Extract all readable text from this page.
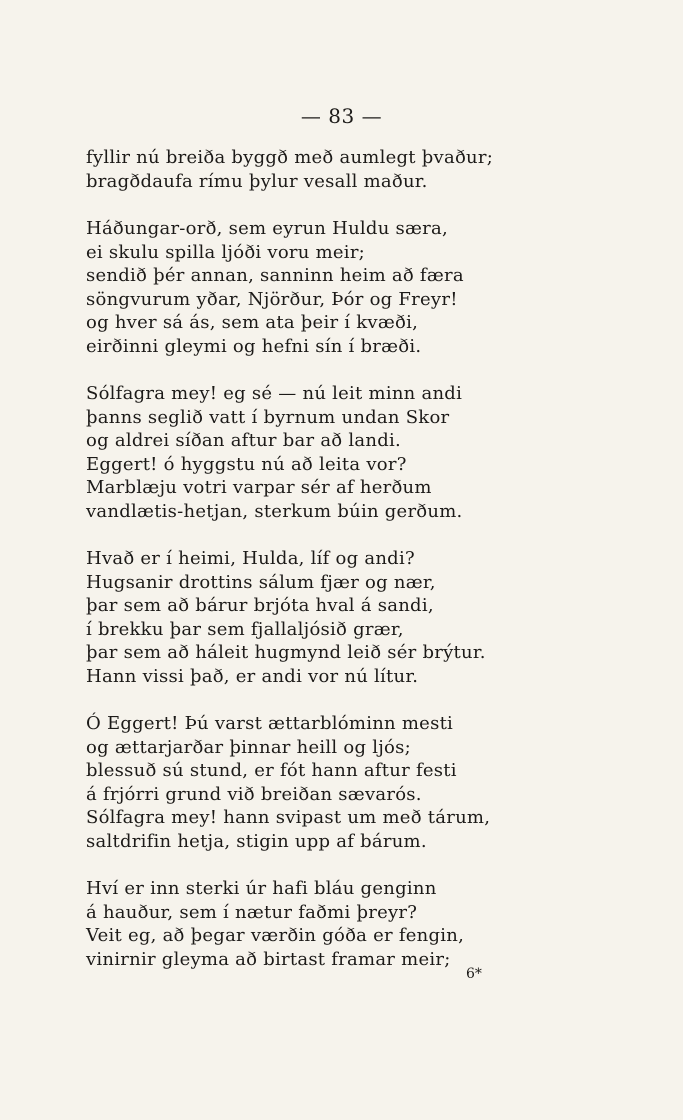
— 83 —
fyllir nú breiða byggð með aumlegt þvaður;
bragðdaufa rímu þylur vesall maður.
Háðungar-orð, sem eyrun Huldu særa,
ei skulu spilla ljóði voru meir;
sendið þér annan, sanninn heim að færa
söngvurum yðar, Njörður, Þór og Freyr!
og hver sá ás, sem ata þeir í kvæði,
eirðinni gleymi og hefni sín í bræði.
Sólfagra mey! eg sé — nú leit minn andi
þanns seglið vatt í byrnum undan Skor
og aldrei síðan aftur bar að landi.
Eggert! ó hyggstu nú að leita vor?
Marblæju votri varpar sér af herðum
vandlætis-hetjan, sterkum búin gerðum.
Hvað er í heimi, Hulda, líf og andi?
Hugsanir drottins sálum fjær og nær,
þar sem að bárur brjóta hval á sandi,
í brekku þar sem fjallaljósið grær,
þar sem að háleit hugmynd leið sér brýtur.
Hann vissi það, er andi vor nú lítur.
Ó Eggert! Þú varst ættarblóminn mesti
og ættarjarðar þinnar heill og ljós;
blessuð sú stund, er fót hann aftur festi
á frjórri grund við breiðan sævarós.
Sólfagra mey! hann svipast um með tárum,
saltdrifin hetja, stigin upp af bárum.
Hví er inn sterki úr hafi bláu genginn
á hauður, sem í nætur faðmi þreyr?
Veit eg, að þegar værðin góða er fengin,
vinirnir gleyma að birtast framar meir;
6*
